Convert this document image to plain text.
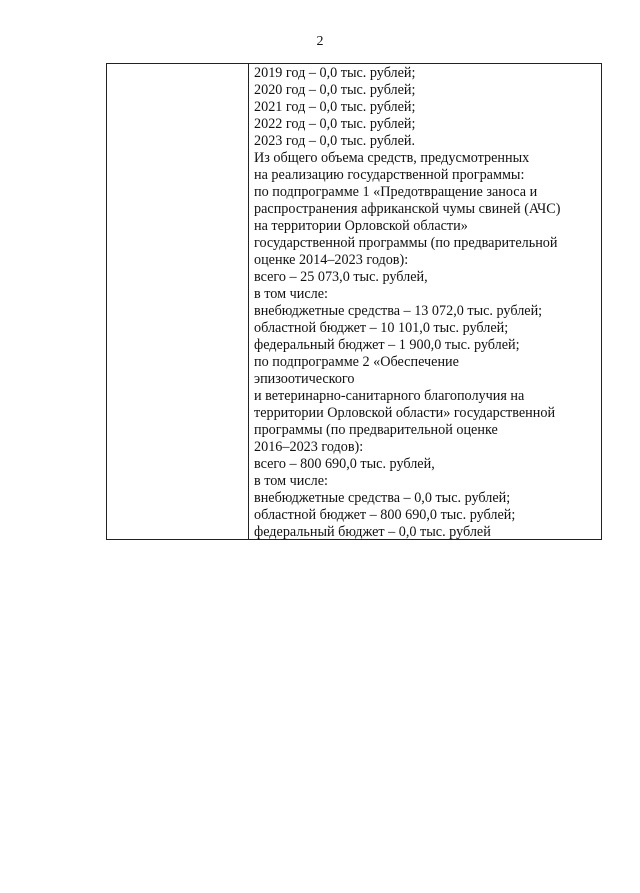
2
2019 год – 0,0 тыс. рублей;
2020 год – 0,0 тыс. рублей;
2021 год – 0,0 тыс. рублей;
2022 год – 0,0 тыс. рублей;
2023 год – 0,0 тыс. рублей.
Из общего объема средств, предусмотренных
на реализацию государственной программы:
по подпрограмме 1 «Предотвращение заноса и
распространения африканской чумы свиней (АЧС)
на территории Орловской области»
государственной программы (по предварительной
оценке 2014–2023 годов):
всего – 25 073,0 тыс. рублей,
в том числе:
внебюджетные средства – 13 072,0 тыс. рублей;
областной бюджет – 10 101,0 тыс. рублей;
федеральный бюджет – 1 900,0 тыс. рублей;
по подпрограмме 2 «Обеспечение
эпизоотического
и ветеринарно-санитарного благополучия на
территории Орловской области» государственной
программы (по предварительной оценке
2016–2023 годов):
всего – 800 690,0 тыс. рублей,
в том числе:
внебюджетные средства – 0,0 тыс. рублей;
областной бюджет – 800 690,0 тыс. рублей;
федеральный бюджет – 0,0 тыс. рублей
